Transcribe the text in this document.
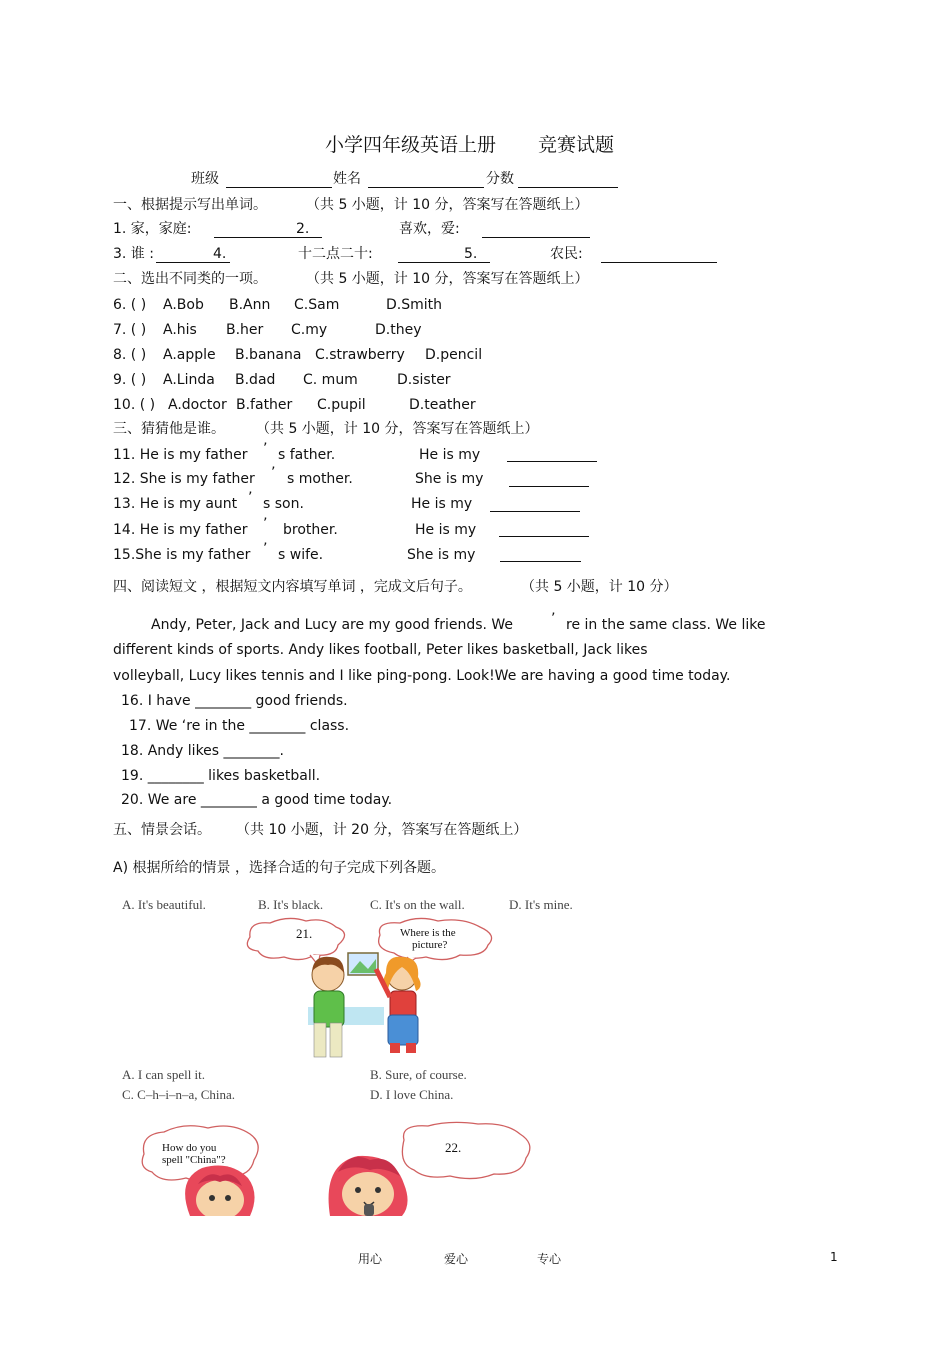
小学四年级英语上册 竞赛试题
班级	姓名	分数
一、根据提示写出单词。	（共 5 小题，计 10 分，答案写在答题纸上）
1. 家，家庭:	2.	喜欢，爱:
3. 谁 :	4.	十二点二十:	5.	农民:
二、选出不同类的一项。	（共 5 小题，计 10 分，答案写在答题纸上）
6. ( ) A.Bob B.Ann C.Sam	D.Smith
7. ( ) A.his B.her C.my	D.they
8. ( ) A.apple B.banana C.strawberry D.pencil
9. ( ) A.Linda B.dad C. mum	D.sister
10. ( ) A.doctor B.father C.pupil	D.teather
三、猜猜他是谁。 （共 5 小题，计 10 分，答案写在答题纸上）
11. He is my father ’ s father.	He is my
12. She is my father ’ s mother.	She is my
13. He is my aunt ’ s son.	He is my
14. He is my father ’ brother.	He is my
15.She is my father ’ s wife.	She is my
四、阅读短文 ，根据短文内容填写单词 ，完成文后句子。	（共 5 小题，计 10 分）
Andy, Peter, Jack and Lucy are my good friends. We	’ re in the same class. We like
different kinds of sports. Andy likes football, Peter likes basketball, Jack likes
volleyball, Lucy likes tennis and I like ping-pong. Look!We are having a good time today.
16. I have ________ good friends.
17. We ‘re in the ________ class.
18. Andy likes ________.
19. ________ likes basketball.
20. We are ________ a good time today.
五、情景会话。 （共 10 小题，计 20 分，答案写在答题纸上）
A) 根据所给的情景 ，选择合适的句子完成下列各题。
A. It's beautiful.	B. It's black.	C. It's on the wall.	D. It's mine.
21.	Where is the
picture?
A. I can spell it.	B. Sure, of course.
C. C–h–i–n–a, China.	D. I love China.
How do you
spell "China"?
22.
用心	爱心	专心	1
